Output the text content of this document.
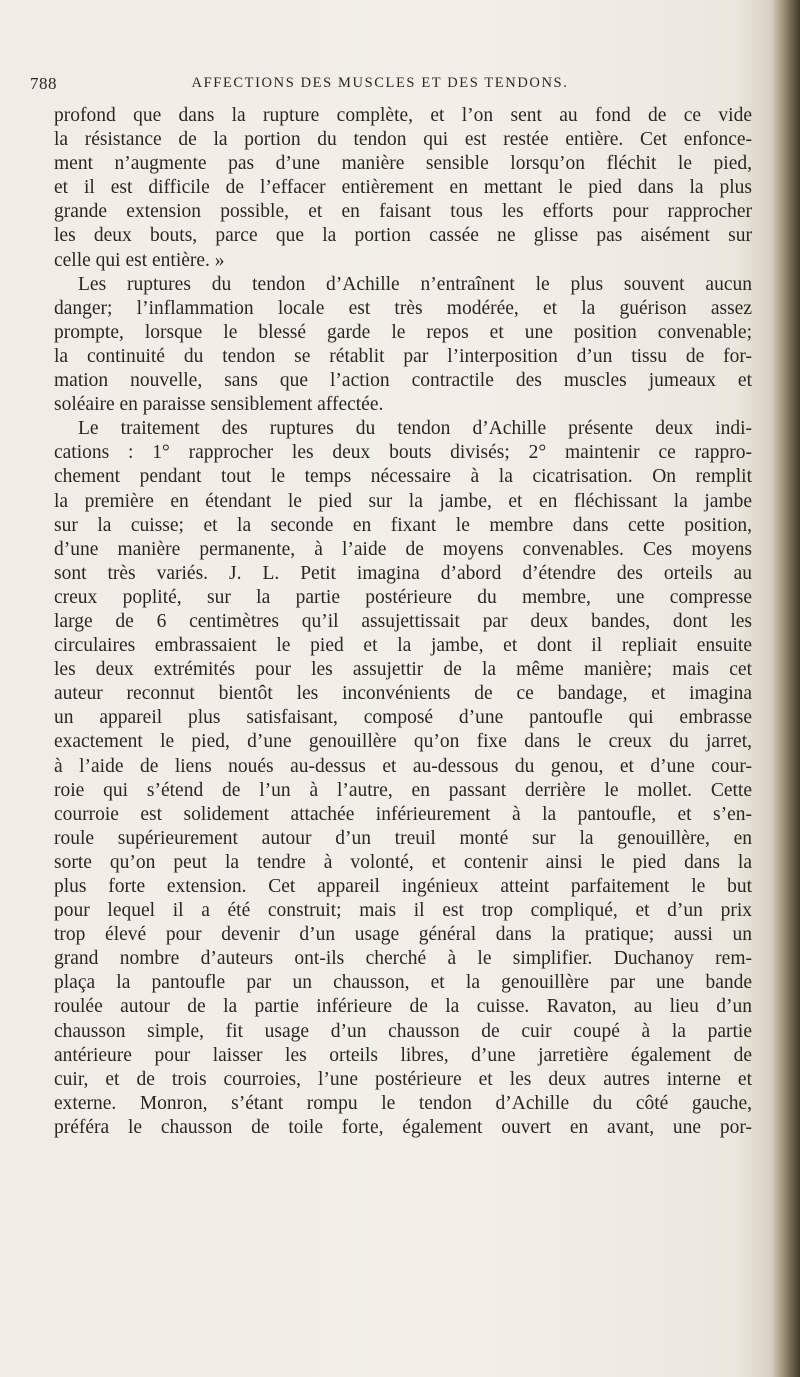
788	AFFECTIONS DES MUSCLES ET DES TENDONS.
profond que dans la rupture complète, et l’on sent au fond de ce vide
la résistance de la portion du tendon qui est restée entière. Cet enfonce-
ment n’augmente pas d’une manière sensible lorsqu’on fléchit le pied,
et il est difficile de l’effacer entièrement en mettant le pied dans la plus
grande extension possible, et en faisant tous les efforts pour rapprocher
les deux bouts, parce que la portion cassée ne glisse pas aisément sur
celle qui est entière. »
Les ruptures du tendon d’Achille n’entraînent le plus souvent aucun
danger; l’inflammation locale est très modérée, et la guérison assez
prompte, lorsque le blessé garde le repos et une position convenable;
la continuité du tendon se rétablit par l’interposition d’un tissu de for-
mation nouvelle, sans que l’action contractile des muscles jumeaux et
soléaire en paraisse sensiblement affectée.
Le traitement des ruptures du tendon d’Achille présente deux indi-
cations : 1° rapprocher les deux bouts divisés; 2° maintenir ce rappro-
chement pendant tout le temps nécessaire à la cicatrisation. On remplit
la première en étendant le pied sur la jambe, et en fléchissant la jambe
sur la cuisse; et la seconde en fixant le membre dans cette position,
d’une manière permanente, à l’aide de moyens convenables. Ces moyens
sont très variés. J. L. Petit imagina d’abord d’étendre des orteils au
creux poplité, sur la partie postérieure du membre, une compresse
large de 6 centimètres qu’il assujettissait par deux bandes, dont les
circulaires embrassaient le pied et la jambe, et dont il repliait ensuite
les deux extrémités pour les assujettir de la même manière; mais cet
auteur reconnut bientôt les inconvénients de ce bandage, et imagina
un appareil plus satisfaisant, composé d’une pantoufle qui embrasse
exactement le pied, d’une genouillère qu’on fixe dans le creux du jarret,
à l’aide de liens noués au-dessus et au-dessous du genou, et d’une cour-
roie qui s’étend de l’un à l’autre, en passant derrière le mollet. Cette
courroie est solidement attachée inférieurement à la pantoufle, et s’en-
roule supérieurement autour d’un treuil monté sur la genouillère, en
sorte qu’on peut la tendre à volonté, et contenir ainsi le pied dans la
plus forte extension. Cet appareil ingénieux atteint parfaitement le but
pour lequel il a été construit; mais il est trop compliqué, et d’un prix
trop élevé pour devenir d’un usage général dans la pratique; aussi un
grand nombre d’auteurs ont-ils cherché à le simplifier. Duchanoy rem-
plaça la pantoufle par un chausson, et la genouillère par une bande
roulée autour de la partie inférieure de la cuisse. Ravaton, au lieu d’un
chausson simple, fit usage d’un chausson de cuir coupé à la partie
antérieure pour laisser les orteils libres, d’une jarretière également de
cuir, et de trois courroies, l’une postérieure et les deux autres interne et
externe. Monron, s’étant rompu le tendon d’Achille du côté gauche,
préféra le chausson de toile forte, également ouvert en avant, une por-
